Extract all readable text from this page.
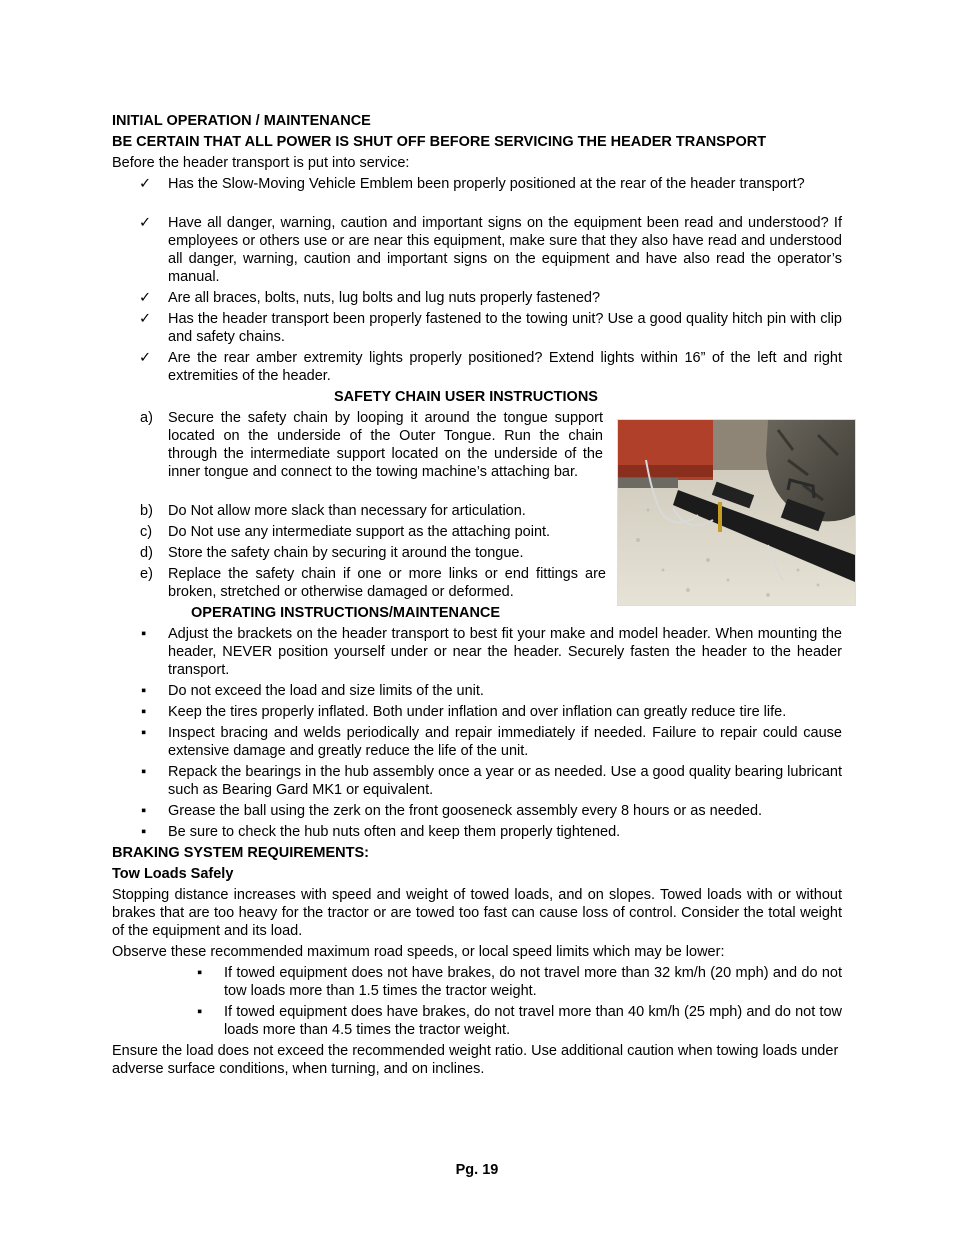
INITIAL OPERATION / MAINTENANCE
BE CERTAIN THAT ALL POWER IS SHUT OFF BEFORE SERVICING THE HEADER TRANSPORT
Before the header transport is put into service:
✓ Has the Slow-Moving Vehicle Emblem been properly positioned at the rear of the header transport?
✓ Have all danger, warning, caution and important signs on the equipment been read and understood? If employees or others use or are near this equipment, make sure that they also have read and understood all danger, warning, caution and important signs on the equipment and have also read the operator’s manual.
✓ Are all braces, bolts, nuts, lug bolts and lug nuts properly fastened?
✓ Has the header transport been properly fastened to the towing unit? Use a good quality hitch pin with clip and safety chains.
✓ Are the rear amber extremity lights properly positioned? Extend lights within 16” of the left and right extremities of the header.
SAFETY CHAIN USER INSTRUCTIONS
a) Secure the safety chain by looping it around the tongue support located on the underside of the Outer Tongue. Run the chain through the intermediate support located on the underside of the inner tongue and connect to the towing machine’s attaching bar.
b) Do Not allow more slack than necessary for articulation.
c) Do Not use any intermediate support as the attaching point.
d) Store the safety chain by securing it around the tongue.
e) Replace the safety chain if one or more links or end fittings are broken, stretched or otherwise damaged or deformed.
OPERATING INSTRUCTIONS/MAINTENANCE
▪ Adjust the brackets on the header transport to best fit your make and model header. When mounting the header, NEVER position yourself under or near the header. Securely fasten the header to the header transport.
▪ Do not exceed the load and size limits of the unit.
▪ Keep the tires properly inflated. Both under inflation and over inflation can greatly reduce tire life.
▪ Inspect bracing and welds periodically and repair immediately if needed. Failure to repair could cause extensive damage and greatly reduce the life of the unit.
▪ Repack the bearings in the hub assembly once a year or as needed. Use a good quality bearing lubricant such as Bearing Gard MK1 or equivalent.
▪ Grease the ball using the zerk on the front gooseneck assembly every 8 hours or as needed.
▪ Be sure to check the hub nuts often and keep them properly tightened.
BRAKING SYSTEM REQUIREMENTS:
Tow Loads Safely
Stopping distance increases with speed and weight of towed loads, and on slopes. Towed loads with or without brakes that are too heavy for the tractor or are towed too fast can cause loss of control. Consider the total weight of the equipment and its load.
Observe these recommended maximum road speeds, or local speed limits which may be lower:
▪ If towed equipment does not have brakes, do not travel more than 32 km/h (20 mph) and do not tow loads more than 1.5 times the tractor weight.
▪ If towed equipment does have brakes, do not travel more than 40 km/h (25 mph) and do not tow loads more than 4.5 times the tractor weight.
Ensure the load does not exceed the recommended weight ratio. Use additional caution when towing loads under adverse surface conditions, when turning, and on inclines.
Pg. 19
